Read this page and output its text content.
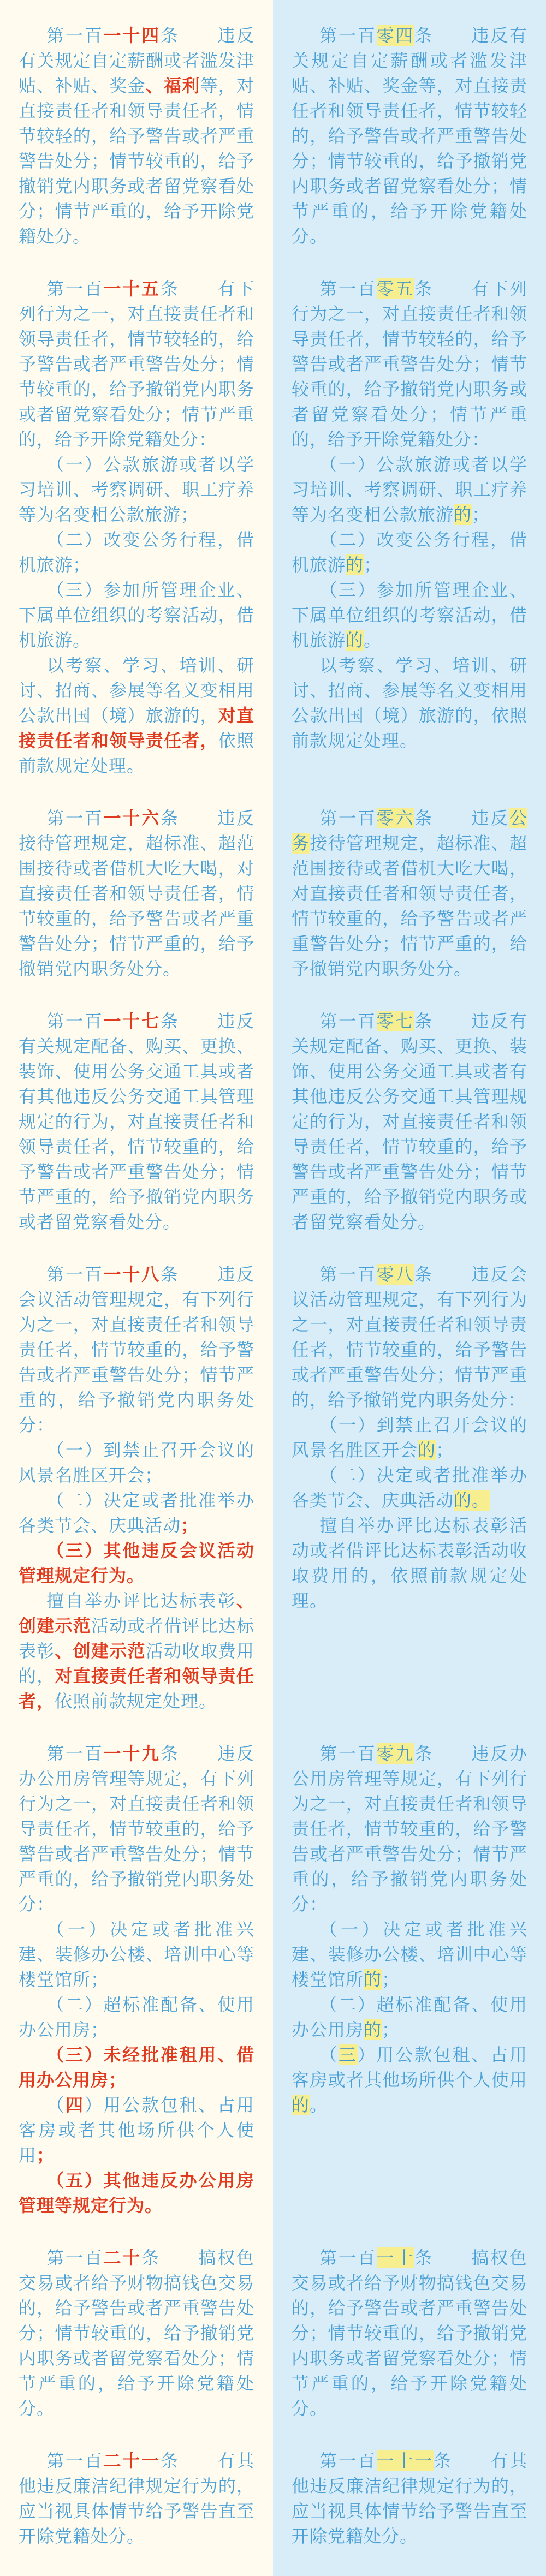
第一百一十四条　　 违反有关规定自定薪酬或者滥发津贴、补贴、奖金、福利等，对直接责任者和领导责任者，情节较轻的，给予警告或者严重警告处分；情节较重的，给予撤销党内职务或者留党察看处分；情节严重的，给予开除党籍处分。

第一百零四条　　 违反有关规定自定薪酬或者滥发津贴、补贴、奖金等，对直接责任者和领导责任者，情节较轻的，给予警告或者严重警告处分；情节较重的，给予撤销党内职务或者留党察看处分；情节严重的，给予开除党籍处分。

第一百一十五条　　 有下列行为之一，对直接责任者和领导责任者，情节较轻的，给予警告或者严重警告处分；情节较重的，给予撤销党内职务或者留党察看处分；情节严重的，给予开除党籍处分：

（一）公款旅游或者以学习培训、考察调研、职工疗养等为名变相公款旅游；

（二）改变公务行程，借机旅游；

（三）参加所管理企业、下属单位组织的考察活动，借机旅游。

以考察、学习、培训、研讨、招商、参展等名义变相用公款出国（境）旅游的，对直接责任者和领导责任者，依照前款规定处理。

第一百零五条　　 有下列行为之一，对直接责任者和领导责任者，情节较轻的，给予警告或者严重警告处分；情节较重的，给予撤销党内职务或者留党察看处分；情节严重的，给予开除党籍处分：

（一）公款旅游或者以学习培训、考察调研、职工疗养等为名变相公款旅游的；

（二）改变公务行程，借机旅游的；

（三）参加所管理企业、下属单位组织的考察活动，借机旅游的。

以考察、学习、培训、研讨、招商、参展等名义变相用公款出国（境）旅游的，依照前款规定处理。

第一百一十六条　　 违反接待管理规定，超标准、超范围接待或者借机大吃大喝，对直接责任者和领导责任者，情节较重的，给予警告或者严重警告处分；情节严重的，给予撤销党内职务处分。

第一百零六条　　 违反公务接待管理规定，超标准、超范围接待或者借机大吃大喝，对直接责任者和领导责任者，情节较重的，给予警告或者严重警告处分；情节严重的，给予撤销党内职务处分。

第一百一十七条　　 违反有关规定配备、购买、更换、装饰、使用公务交通工具或者有其他违反公务交通工具管理规定的行为，对直接责任者和领导责任者，情节较重的，给予警告或者严重警告处分；情节严重的，给予撤销党内职务或者留党察看处分。

第一百零七条　　 违反有关规定配备、购买、更换、装饰、使用公务交通工具或者有其他违反公务交通工具管理规定的行为，对直接责任者和领导责任者，情节较重的，给予警告或者严重警告处分；情节严重的，给予撤销党内职务或者留党察看处分。

第一百一十八条　　 违反会议活动管理规定，有下列行为之一，对直接责任者和领导责任者，情节较重的，给予警告或者严重警告处分；情节严重的，给予撤销党内职务处分：

（一）到禁止召开会议的风景名胜区开会；

（二）决定或者批准举办各类节会、庆典活动；

（三）其他违反会议活动管理规定行为。

擅自举办评比达标表彰、创建示范活动或者借评比达标表彰、创建示范活动收取费用的，对直接责任者和领导责任者，依照前款规定处理。

第一百零八条　　 违反会议活动管理规定，有下列行为之一，对直接责任者和领导责任者，情节较重的，给予警告或者严重警告处分；情节严重的，给予撤销党内职务处分：

（一）到禁止召开会议的风景名胜区开会的；

（二）决定或者批准举办各类节会、庆典活动的。

擅自举办评比达标表彰活动或者借评比达标表彰活动收取费用的，依照前款规定处理。

第一百一十九条　　 违反办公用房管理等规定，有下列行为之一，对直接责任者和领导责任者，情节较重的，给予警告或者严重警告处分；情节严重的，给予撤销党内职务处分：

（一）决定或者批准兴建、装修办公楼、培训中心等楼堂馆所；

（二）超标准配备、使用办公用房；

（三）未经批准租用、借用办公用房；

（四）用公款包租、占用客房或者其他场所供个人使用；

（五）其他违反办公用房管理等规定行为。

第一百零九条　　 违反办公用房管理等规定，有下列行为之一，对直接责任者和领导责任者，情节较重的，给予警告或者严重警告处分；情节严重的，给予撤销党内职务处分：

（一）决定或者批准兴建、装修办公楼、培训中心等楼堂馆所的；

（二）超标准配备、使用办公用房的；

（三）用公款包租、占用客房或者其他场所供个人使用的。

第一百二十条　　 搞权色交易或者给予财物搞钱色交易的，给予警告或者严重警告处分；情节较重的，给予撤销党内职务或者留党察看处分；情节严重的，给予开除党籍处分。

第一百一十条　　 搞权色交易或者给予财物搞钱色交易的，给予警告或者严重警告处分；情节较重的，给予撤销党内职务或者留党察看处分；情节严重的，给予开除党籍处分。

第一百二十一条　　 有其他违反廉洁纪律规定行为的，应当视具体情节给予警告直至开除党籍处分。

第一百一十一条　　 有其他违反廉洁纪律规定行为的，应当视具体情节给予警告直至开除党籍处分。
